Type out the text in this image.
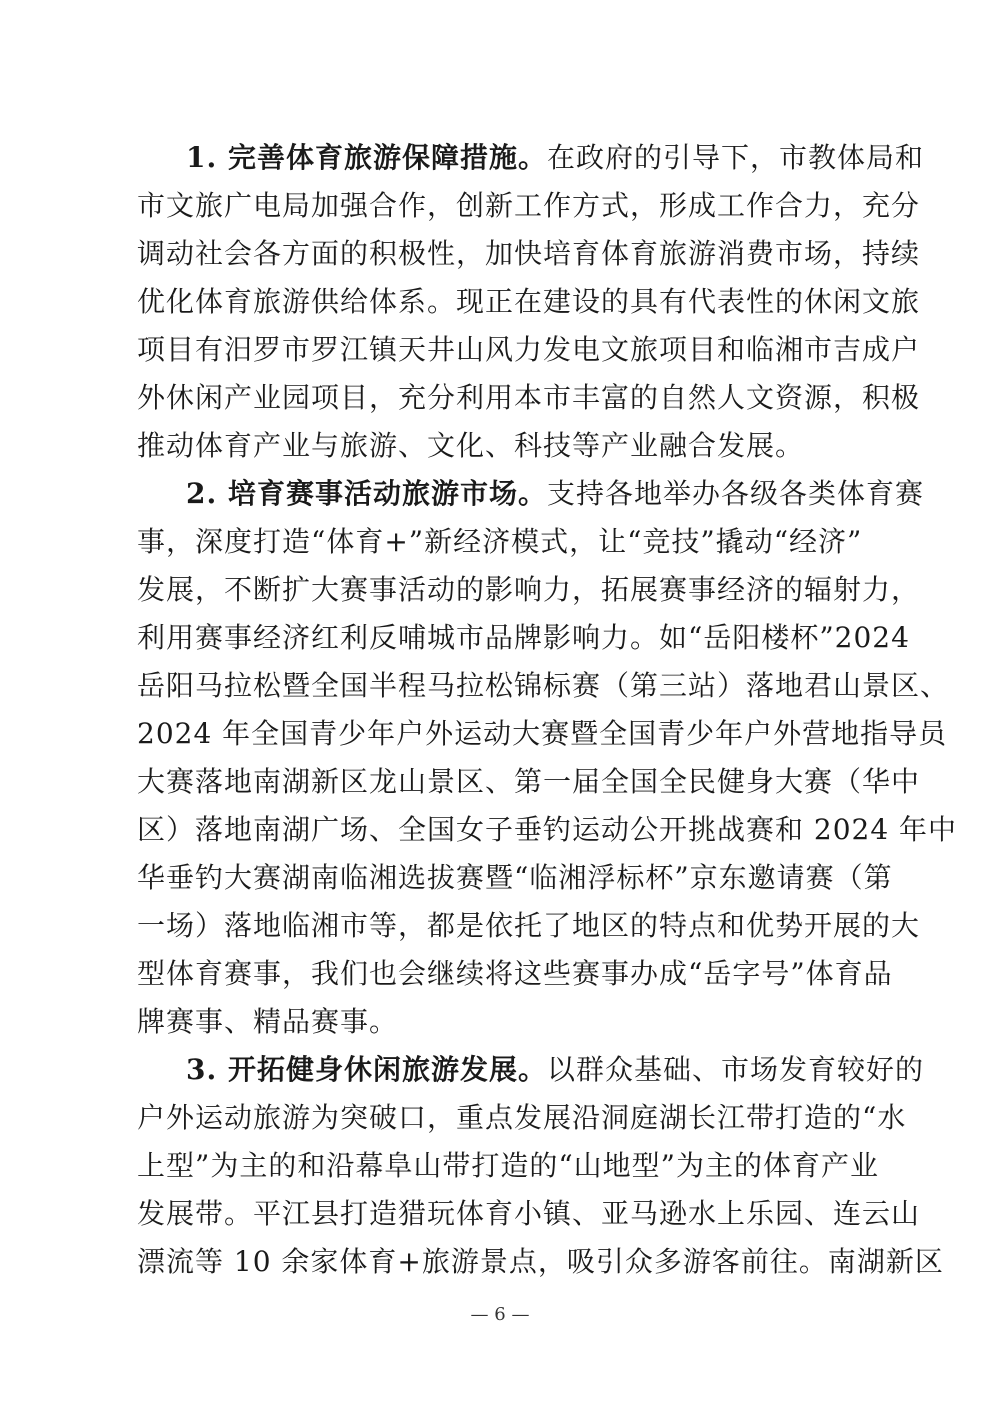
1. 完善体育旅游保障措施。在政府的引导下，市教体局和
市文旅广电局加强合作，创新工作方式，形成工作合力，充分
调动社会各方面的积极性，加快培育体育旅游消费市场，持续
优化体育旅游供给体系。现正在建设的具有代表性的休闲文旅
项目有汨罗市罗江镇天井山风力发电文旅项目和临湘市吉成户
外休闲产业园项目，充分利用本市丰富的自然人文资源，积极
推动体育产业与旅游、文化、科技等产业融合发展。
2. 培育赛事活动旅游市场。支持各地举办各级各类体育赛
事，深度打造“体育+”新经济模式，让“竞技”撬动“经济”
发展，不断扩大赛事活动的影响力，拓展赛事经济的辐射力，
利用赛事经济红利反哺城市品牌影响力。如“岳阳楼杯”2024
岳阳马拉松暨全国半程马拉松锦标赛（第三站）落地君山景区、
2024 年全国青少年户外运动大赛暨全国青少年户外营地指导员
大赛落地南湖新区龙山景区、第一届全国全民健身大赛（华中
区）落地南湖广场、全国女子垂钓运动公开挑战赛和 2024 年中
华垂钓大赛湖南临湘选拔赛暨“临湘浮标杯”京东邀请赛（第
一场）落地临湘市等，都是依托了地区的特点和优势开展的大
型体育赛事，我们也会继续将这些赛事办成“岳字号”体育品
牌赛事、精品赛事。
3. 开拓健身休闲旅游发展。以群众基础、市场发育较好的
户外运动旅游为突破口，重点发展沿洞庭湖长江带打造的“水
上型”为主的和沿幕阜山带打造的“山地型”为主的体育产业
发展带。平江县打造猎玩体育小镇、亚马逊水上乐园、连云山
漂流等 10 余家体育+旅游景点，吸引众多游客前往。南湖新区
— 6 —
